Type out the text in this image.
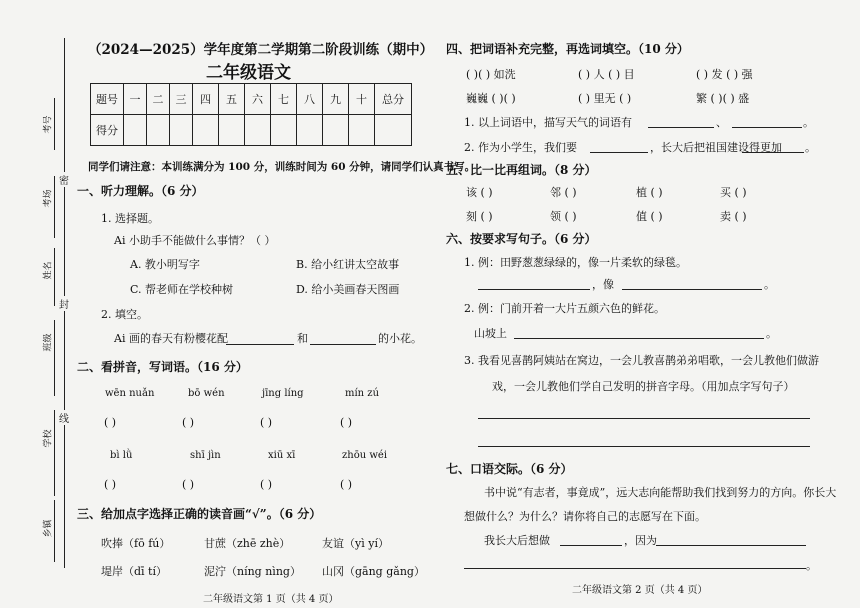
考号
考场
姓名
班级
学校
乡镇
密
封
线
（2024—2025）学年度第二学期第二阶段训练（期中）
二年级语文
题号	一	二	三	四	五	六	七	八	九	十	总分
得分											
同学们请注意：本训练满分为 100 分，训练时间为 60 分钟，请同学们认真书写。
一、听力理解。（6 分）
1. 选择题。
Ai 小助手不能做什么事情？（ ）
A. 教小明写字	B. 给小红讲太空故事
C. 帮老师在学校种树	D. 给小美画春天图画
2. 填空。
Ai 画的春天有粉樱花配	和	的小花。
二、看拼音，写词语。（16 分）
wēn nuǎn	bō wén	jīng líng	mín zú
( )	( )	( )	( )
bì lǜ	shī jìn	xiū xī	zhōu wéi
( )	( )	( )	( )
三、给加点字选择正确的读音画“√”。（6 分）
吹捧（fō fú）	甘蔗（zhē zhè）	友谊（yì yí）
堤岸（dī tí）	泥泞（níng nìng） 山冈（gāng gǎng）
二年级语文第 1 页（共 4 页）
四、把词语补充完整，再选词填空。（10 分）
( )( ) 如洗	( ) 人 ( ) 目	( ) 发 ( ) 强
巍巍 ( )( )	( ) 里无 ( )	繁 ( )( ) 盛
1. 以上词语中，描写天气的词语有	、	。
2. 作为小学生，我们要	，长大后把祖国建设得更加 。
五、比一比再组词。（8 分）
该 ( )	邻 ( )	植 ( )	买 ( )
刻 ( )	领 ( )	值 ( )	卖 ( )
六、按要求写句子。（6 分）
1. 例：田野葱葱绿绿的，像一片柔软的绿毯。
，像	。
2. 例：门前开着一大片五颜六色的鲜花。
山坡上	。
3. 我看见喜鹊阿姨站在窝边，一会儿教喜鹊弟弟唱歌，一会儿教他们做游
戏，一会儿教他们学自己发明的拼音字母。（用加点字写句子）
七、口语交际。（6 分）
书中说“有志者，事竟成”，远大志向能帮助我们找到努力的方向。你长大
想做什么？为什么？请你将自己的志愿写在下面。
我长大后想做	，因为
。
二年级语文第 2 页（共 4 页）
